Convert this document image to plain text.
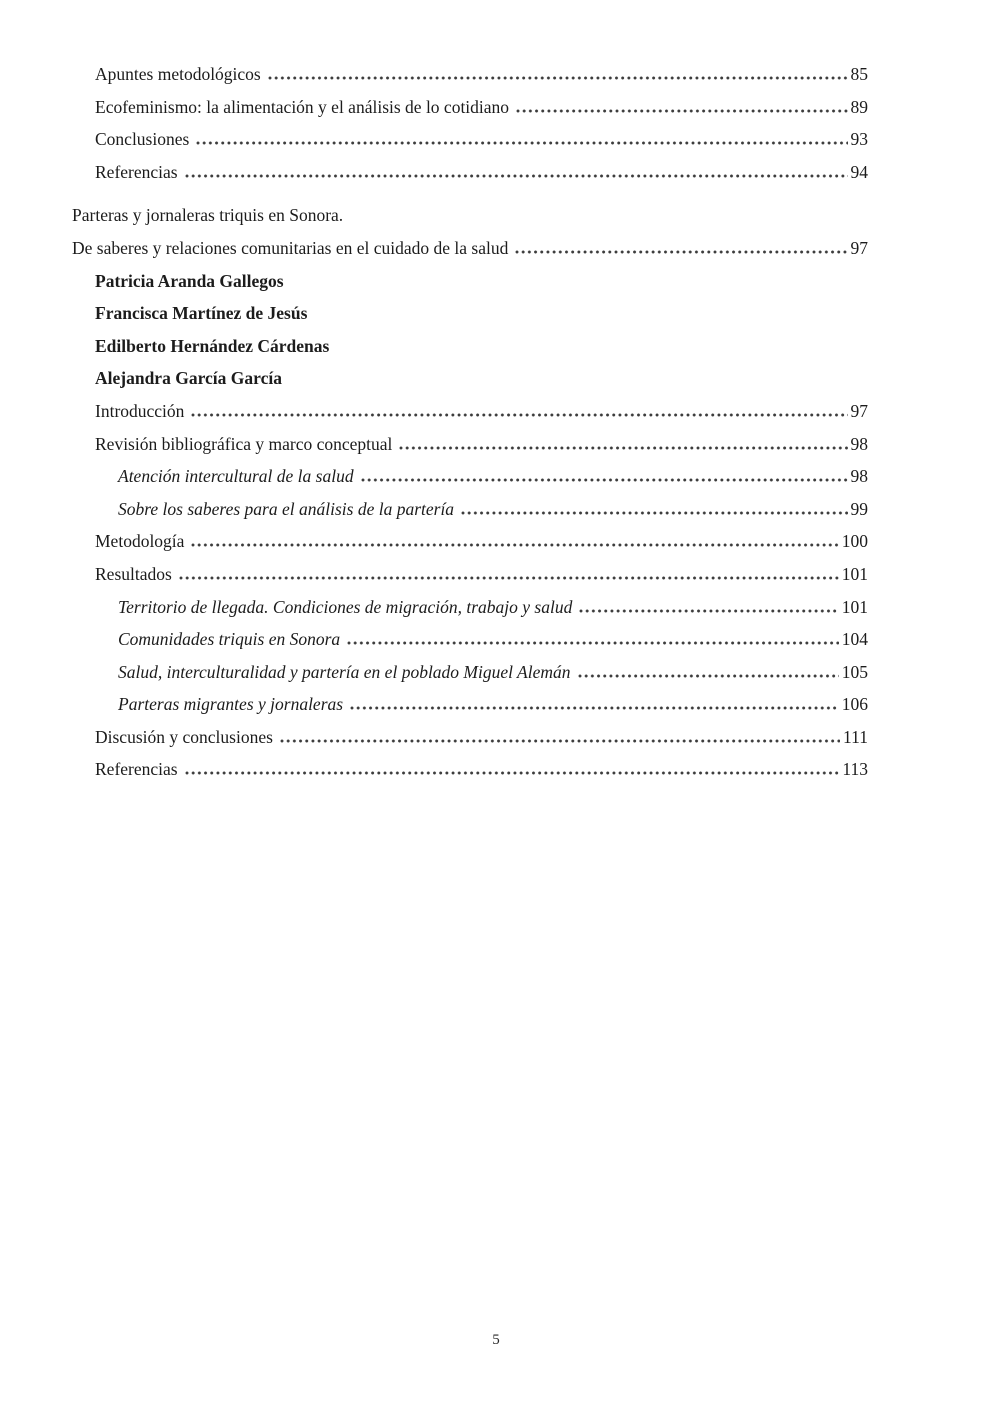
Apuntes metodológicos	85
Ecofeminismo: la alimentación y el análisis de lo cotidiano	89
Conclusiones	93
Referencias	94
Parteras y jornaleras triquis en Sonora.
De saberes y relaciones comunitarias en el cuidado de la salud	97
Patricia Aranda Gallegos
Francisca Martínez de Jesús
Edilberto Hernández Cárdenas
Alejandra García García
Introducción	97
Revisión bibliográfica y marco conceptual	98
Atención intercultural de la salud	98
Sobre los saberes para el análisis de la partería	99
Metodología	100
Resultados	101
Territorio de llegada. Condiciones de migración, trabajo y salud	101
Comunidades triquis en Sonora	104
Salud, interculturalidad y partería en el poblado Miguel Alemán	105
Parteras migrantes y jornaleras	106
Discusión y conclusiones	111
Referencias	113
5
